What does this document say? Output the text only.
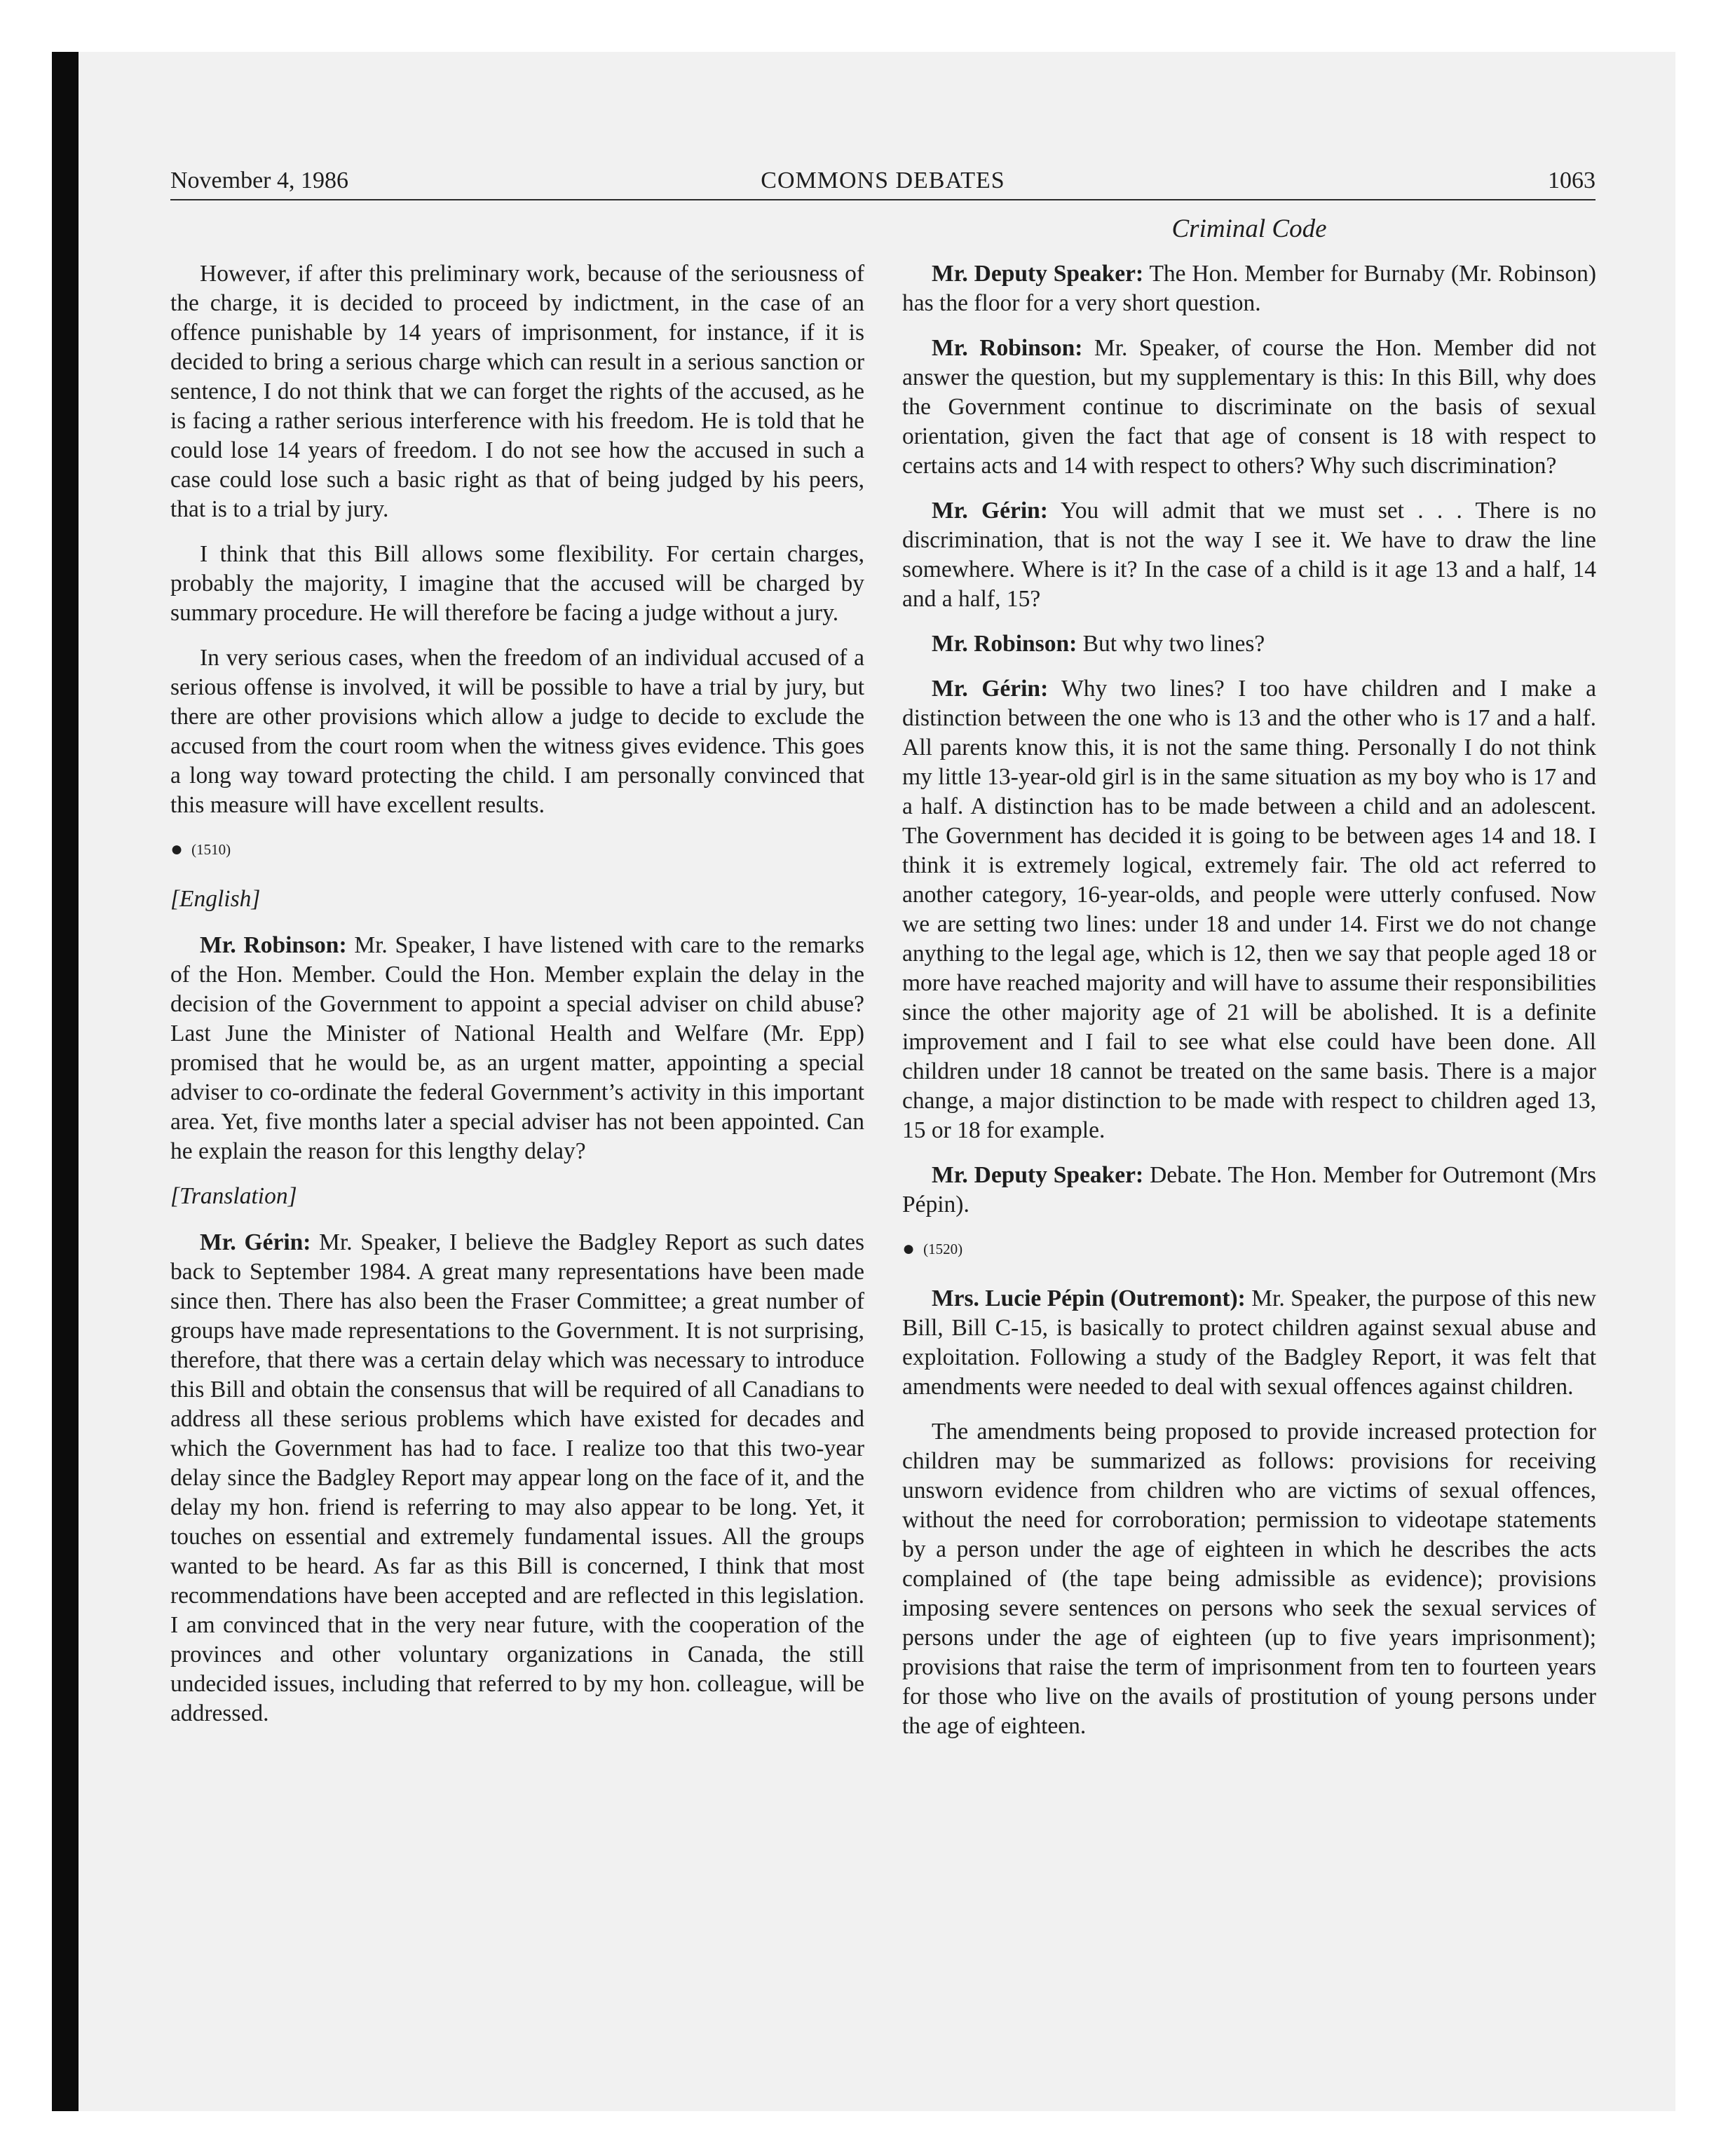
November 4, 1986	COMMONS DEBATES	1063
Criminal Code

However, if after this preliminary work, because of the seriousness of the charge, it is decided to proceed by indictment, in the case of an offence punishable by 14 years of imprisonment, for instance, if it is decided to bring a serious charge which can result in a serious sanction or sentence, I do not think that we can forget the rights of the accused, as he is facing a rather serious interference with his freedom. He is told that he could lose 14 years of freedom. I do not see how the accused in such a case could lose such a basic right as that of being judged by his peers, that is to a trial by jury.

I think that this Bill allows some flexibility. For certain charges, probably the majority, I imagine that the accused will be charged by summary procedure. He will therefore be facing a judge without a jury.

In very serious cases, when the freedom of an individual accused of a serious offense is involved, it will be possible to have a trial by jury, but there are other provisions which allow a judge to decide to exclude the accused from the court room when the witness gives evidence. This goes a long way toward protecting the child. I am personally convinced that this measure will have excellent results.

● (1510)

[English]

Mr. Robinson: Mr. Speaker, I have listened with care to the remarks of the Hon. Member. Could the Hon. Member explain the delay in the decision of the Government to appoint a special adviser on child abuse? Last June the Minister of National Health and Welfare (Mr. Epp) promised that he would be, as an urgent matter, appointing a special adviser to co-ordinate the federal Government’s activity in this important area. Yet, five months later a special adviser has not been appointed. Can he explain the reason for this lengthy delay?

[Translation]

Mr. Gérin: Mr. Speaker, I believe the Badgley Report as such dates back to September 1984. A great many representations have been made since then. There has also been the Fraser Committee; a great number of groups have made representations to the Government. It is not surprising, therefore, that there was a certain delay which was necessary to introduce this Bill and obtain the consensus that will be required of all Canadians to address all these serious problems which have existed for decades and which the Government has had to face. I realize too that this two-year delay since the Badgley Report may appear long on the face of it, and the delay my hon. friend is referring to may also appear to be long. Yet, it touches on essential and extremely fundamental issues. All the groups wanted to be heard. As far as this Bill is concerned, I think that most recommendations have been accepted and are reflected in this legislation. I am convinced that in the very near future, with the cooperation of the provinces and other voluntary organizations in Canada, the still undecided issues, including that referred to by my hon. colleague, will be addressed.

Mr. Deputy Speaker: The Hon. Member for Burnaby (Mr. Robinson) has the floor for a very short question.

Mr. Robinson: Mr. Speaker, of course the Hon. Member did not answer the question, but my supplementary is this: In this Bill, why does the Government continue to discriminate on the basis of sexual orientation, given the fact that age of consent is 18 with respect to certains acts and 14 with respect to others? Why such discrimination?

Mr. Gérin: You will admit that we must set . . . There is no discrimination, that is not the way I see it. We have to draw the line somewhere. Where is it? In the case of a child is it age 13 and a half, 14 and a half, 15?

Mr. Robinson: But why two lines?

Mr. Gérin: Why two lines? I too have children and I make a distinction between the one who is 13 and the other who is 17 and a half. All parents know this, it is not the same thing. Personally I do not think my little 13-year-old girl is in the same situation as my boy who is 17 and a half. A distinction has to be made between a child and an adolescent. The Government has decided it is going to be between ages 14 and 18. I think it is extremely logical, extremely fair. The old act referred to another category, 16-year-olds, and people were utterly confused. Now we are setting two lines: under 18 and under 14. First we do not change anything to the legal age, which is 12, then we say that people aged 18 or more have reached majority and will have to assume their responsibilities since the other majority age of 21 will be abolished. It is a definite improvement and I fail to see what else could have been done. All children under 18 cannot be treated on the same basis. There is a major change, a major distinction to be made with respect to children aged 13, 15 or 18 for example.

Mr. Deputy Speaker: Debate. The Hon. Member for Outremont (Mrs Pépin).

● (1520)

Mrs. Lucie Pépin (Outremont): Mr. Speaker, the purpose of this new Bill, Bill C-15, is basically to protect children against sexual abuse and exploitation. Following a study of the Badgley Report, it was felt that amendments were needed to deal with sexual offences against children.

The amendments being proposed to provide increased protection for children may be summarized as follows: provisions for receiving unsworn evidence from children who are victims of sexual offences, without the need for corroboration; permission to videotape statements by a person under the age of eighteen in which he describes the acts complained of (the tape being admissible as evidence); provisions imposing severe sentences on persons who seek the sexual services of persons under the age of eighteen (up to five years imprisonment); provisions that raise the term of imprisonment from ten to fourteen years for those who live on the avails of prostitution of young persons under the age of eighteen.
